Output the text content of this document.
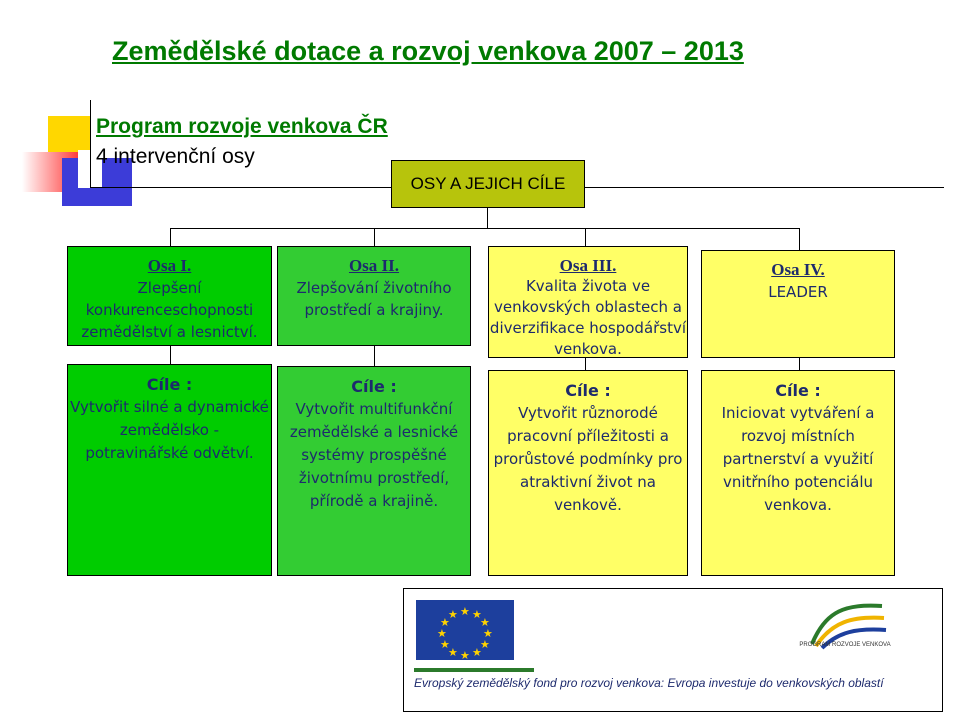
Zemědělské dotace a rozvoj venkova 2007 – 2013
Program rozvoje venkova ČR
4 intervenční osy
OSY A JEJICH CÍLE
Osa I.
Zlepšení konkurenceschopnosti zemědělství a lesnictví.
Osa II.
Zlepšování životního prostředí a krajiny.
Osa III.
Kvalita života ve venkovských oblastech a diverzifikace hospodářství venkova.
Osa IV.
LEADER
Cíle :
Vytvořit silné a dynamické zemědělsko - potravinářské odvětví.
Cíle :
Vytvořit multifunkční zemědělské a lesnické systémy prospěšné životnímu prostředí, přírodě a krajině.
Cíle :
Vytvořit různorodé pracovní příležitosti a prorůstové podmínky pro atraktivní život na venkově.
Cíle :
Iniciovat vytváření a rozvoj místních partnerství a využití vnitřního potenciálu venkova.
★ ★
★
★
★
★
★
★
★
★
★
★
Evropský zemědělský fond pro rozvoj venkova: Evropa investuje do venkovských oblastí
PROGRAM ROZVOJE VENKOVA
